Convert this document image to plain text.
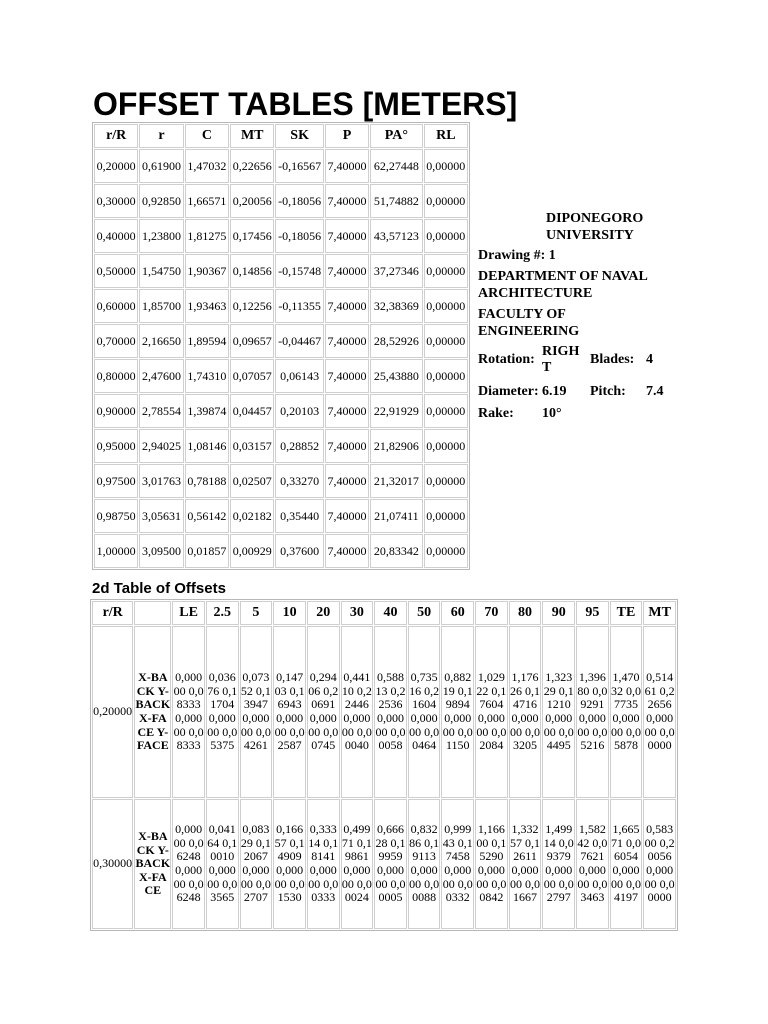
OFFSET TABLES [METERS]
r/R	r	C	MT	SK	P	PA°	RL
0,20000	0,61900	1,47032	0,22656	-0,16567	7,40000	62,27448	0,00000
0,30000	0,92850	1,66571	0,20056	-0,18056	7,40000	51,74882	0,00000
0,40000	1,23800	1,81275	0,17456	-0,18056	7,40000	43,57123	0,00000
0,50000	1,54750	1,90367	0,14856	-0,15748	7,40000	37,27346	0,00000
0,60000	1,85700	1,93463	0,12256	-0,11355	7,40000	32,38369	0,00000
0,70000	2,16650	1,89594	0,09657	-0,04467	7,40000	28,52926	0,00000
0,80000	2,47600	1,74310	0,07057	0,06143	7,40000	25,43880	0,00000
0,90000	2,78554	1,39874	0,04457	0,20103	7,40000	22,91929	0,00000
0,95000	2,94025	1,08146	0,03157	0,28852	7,40000	21,82906	0,00000
0,97500	3,01763	0,78188	0,02507	0,33270	7,40000	21,32017	0,00000
0,98750	3,05631	0,56142	0,02182	0,35440	7,40000	21,07411	0,00000
1,00000	3,09500	0,01857	0,00929	0,37600	7,40000	20,83342	0,00000
DIPONEGORO UNIVERSITY
Drawing #: 1
DEPARTMENT OF NAVAL ARCHITECTURE
FACULTY OF ENGINEERING
Rotation:	RIGHT	Blades:	4

Diameter:	6.19	Pitch:	7.4

Rake:	10°		
2d Table of Offsets
r/R		LE	2.5	5	10	20	30	40	50	60	70	80	90	95	TE	MT
0,20000	X-BACK Y-BACK X-FACE Y-FACE	0,00000 0,08333 0,00000 0,08333	0,03676 0,11704 0,00000 0,05375	0,07352 0,13947 0,00000 0,04261	0,14703 0,16943 0,00000 0,02587	0,29406 0,20691 0,00000 0,00745	0,44110 0,22446 0,00000 0,00040	0,58813 0,22536 0,00000 0,00058	0,73516 0,21604 0,00000 0,00464	0,88219 0,19894 0,00000 0,01150	1,02922 0,17604 0,00000 0,02084	1,17626 0,14716 0,00000 0,03205	1,32329 0,11210 0,00000 0,04495	1,39680 0,09291 0,00000 0,05216	1,47032 0,07735 0,00000 0,05878	0,51461 0,22656 0,00000 0,00000
0,30000	X-BACK Y-BACK X-FACE	0,00000 0,06248 0,00000 0,06248	0,04164 0,10010 0,00000 0,03565	0,08329 0,12067 0,00000 0,02707	0,16657 0,14909 0,00000 0,01530	0,33314 0,18141 0,00000 0,00333	0,49971 0,19861 0,00000 0,00024	0,66628 0,19959 0,00000 0,00005	0,83286 0,19113 0,00000 0,00088	0,99943 0,17458 0,00000 0,00332	1,16600 0,15290 0,00000 0,00842	1,33257 0,12611 0,00000 0,01667	1,49914 0,09379 0,00000 0,02797	1,58242 0,07621 0,00000 0,03463	1,66571 0,06054 0,00000 0,04197	0,58300 0,20056 0,00000 0,00000
